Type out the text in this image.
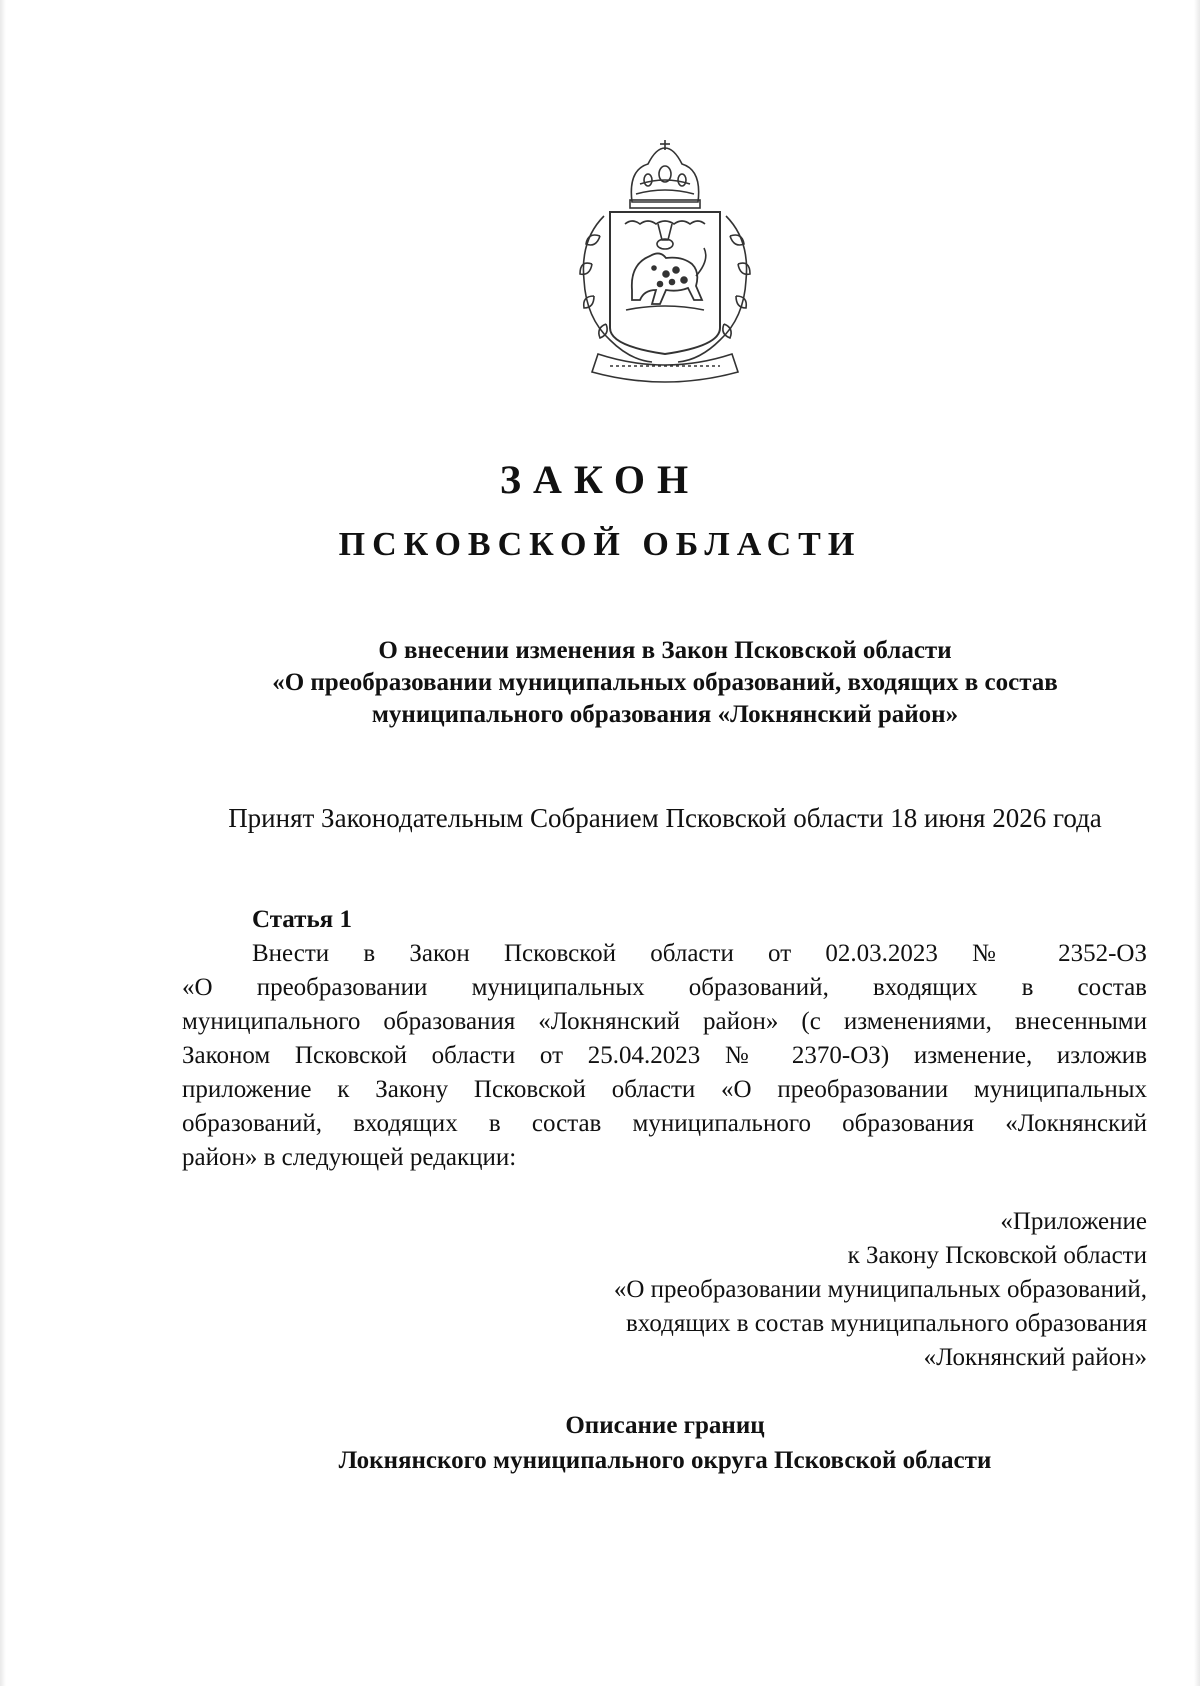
ЗАКОН
ПСКОВСКОЙ ОБЛАСТИ
О внесении изменения в Закон Псковской области
«О преобразовании муниципальных образований, входящих в состав
муниципального образования «Локнянский район»
Принят Законодательным Собранием Псковской области 18 июня 2026 года
Статья 1
Внести в Закон Псковской области от 02.03.2023 № 2352-ОЗ
«О преобразовании муниципальных образований, входящих в состав
муниципального образования «Локнянский район» (с изменениями, внесенными
Законом Псковской области от 25.04.2023 № 2370-ОЗ) изменение, изложив
приложение к Закону Псковской области «О преобразовании муниципальных
образований, входящих в состав муниципального образования «Локнянский
район» в следующей редакции:
«Приложение
к Закону Псковской области
«О преобразовании муниципальных образований,
входящих в состав муниципального образования
«Локнянский район»
Описание границ
Локнянского муниципального округа Псковской области
